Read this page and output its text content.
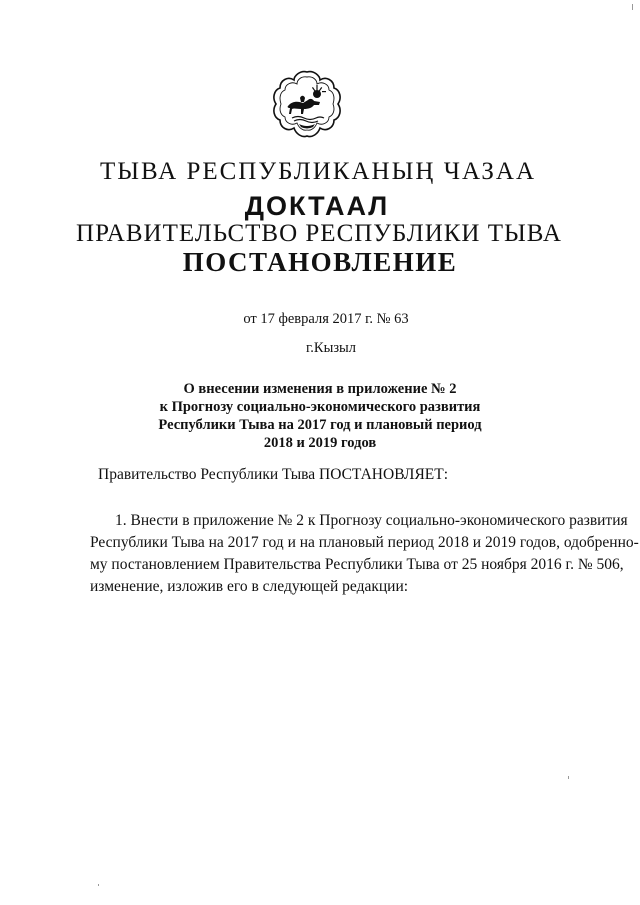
ТЫВА РЕСПУБЛИКАНЫҢ ЧАЗАА
ДОКТААЛ
ПРАВИТЕЛЬСТВО РЕСПУБЛИКИ ТЫВА
ПОСТАНОВЛЕНИЕ
от 17 февраля 2017 г. № 63
г.Кызыл
О внесении изменения в приложение № 2
к Прогнозу социально-экономического развития
Республики Тыва на 2017 год и плановый период
2018 и 2019 годов
Правительство Республики Тыва ПОСТАНОВЛЯЕТ:
1. Внести в приложение № 2 к Прогнозу социально-экономического развития
Республики Тыва на 2017 год и на плановый период 2018 и 2019 годов, одобренно-
му постановлением Правительства Республики Тыва от 25 ноября 2016 г. № 506,
изменение, изложив его в следующей редакции:
